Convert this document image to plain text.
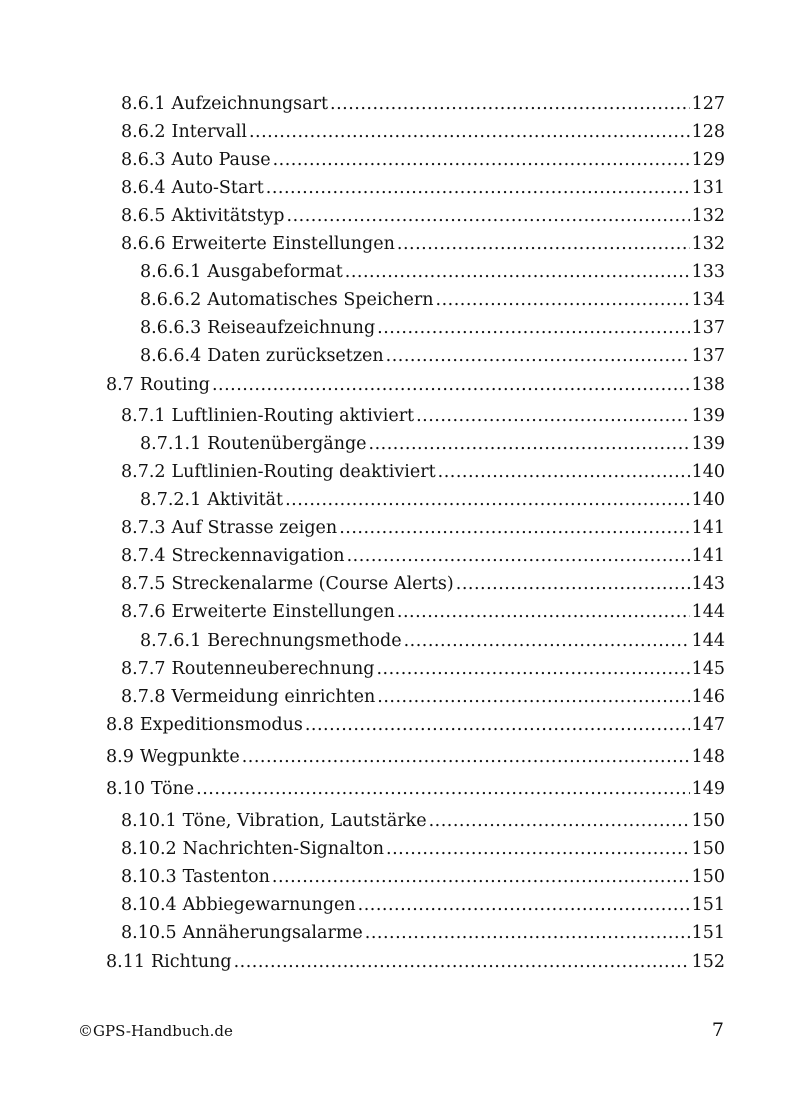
8.6.1 Aufzeichnungsart .....	127
8.6.2 Intervall .....	128
8.6.3 Auto Pause .....	129
8.6.4 Auto-Start .....	131
8.6.5 Aktivitätstyp .....	132
8.6.6 Erweiterte Einstellungen .....	132
8.6.6.1 Ausgabeformat .....	133
8.6.6.2 Automatisches Speichern .....	134
8.6.6.3 Reiseaufzeichnung .....	137
8.6.6.4 Daten zurücksetzen .....	137
8.7 Routing .....	138
8.7.1 Luftlinien-Routing aktiviert .....	139
8.7.1.1 Routenübergänge .....	139
8.7.2 Luftlinien-Routing deaktiviert .....	140
8.7.2.1 Aktivität .....	140
8.7.3 Auf Strasse zeigen .....	141
8.7.4 Streckennavigation .....	141
8.7.5 Streckenalarme (Course Alerts) .....	143
8.7.6 Erweiterte Einstellungen .....	144
8.7.6.1 Berechnungsmethode .....	144
8.7.7 Routenneuberechnung .....	145
8.7.8 Vermeidung einrichten .....	146
8.8 Expeditionsmodus .....	147
8.9 Wegpunkte .....	148
8.10 Töne .....	149
8.10.1 Töne, Vibration, Lautstärke .....	150
8.10.2 Nachrichten-Signalton .....	150
8.10.3 Tastenton .....	150
8.10.4 Abbiegewarnungen .....	151
8.10.5 Annäherungsalarme .....	151
8.11 Richtung .....	152
©GPS-Handbuch.de	7
